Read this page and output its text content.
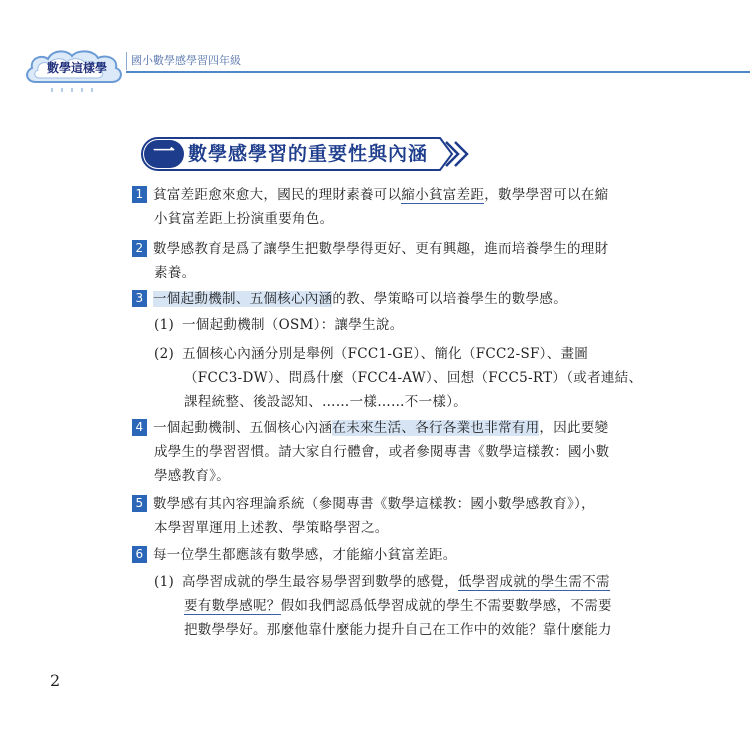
數學這樣學
國小數學感學習四年級
一 數學感學習的重要性與內涵
1 貧富差距愈來愈大，國民的理財素養可以縮小貧富差距，數學學習可以在縮
小貧富差距上扮演重要角色。
2 數學感教育是爲了讓學生把數學學得更好、更有興趣，進而培養學生的理財
素養。
3 一個起動機制、五個核心內涵的教、學策略可以培養學生的數學感。
(1) 一個起動機制（OSM）：讓學生說。
(2) 五個核心內涵分別是舉例（FCC1-GE）、簡化（FCC2-SF）、畫圖
（FCC3-DW）、問爲什麼（FCC4-AW）、回想（FCC5-RT）（或者連結、
課程統整、後設認知、……一樣……不一樣）。
4 一個起動機制、五個核心內涵在未來生活、各行各業也非常有用，因此要變
成學生的學習習慣。請大家自行體會，或者參閱專書《數學這樣教：國小數
學感教育》。
5 數學感有其內容理論系統（參閱專書《數學這樣教：國小數學感教育》），
本學習單運用上述教、學策略學習之。
6 每一位學生都應該有數學感，才能縮小貧富差距。
(1) 高學習成就的學生最容易學習到數學的感覺，低學習成就的學生需不需
要有數學感呢？假如我們認爲低學習成就的學生不需要數學感，不需要
把數學學好。那麼他靠什麼能力提升自己在工作中的效能？靠什麼能力
2
